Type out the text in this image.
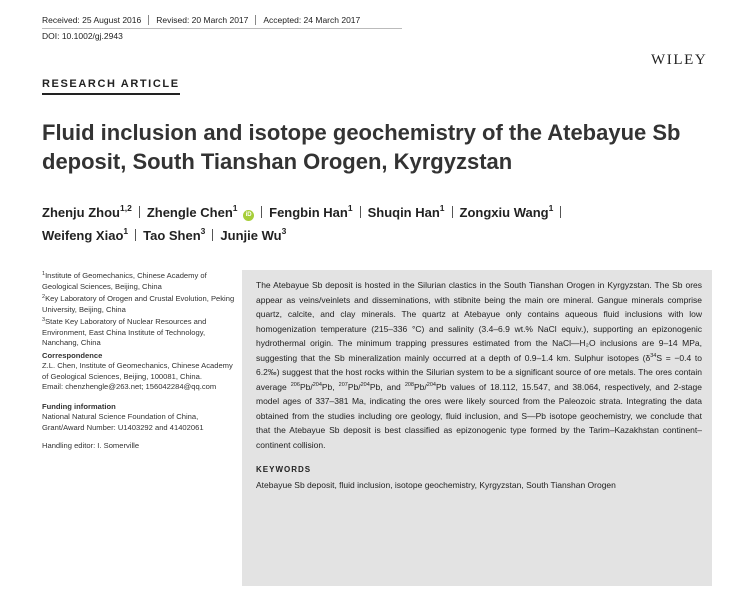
Received: 25 August 2016 Revised: 20 March 2017 Accepted: 24 March 2017
DOI: 10.1002/gj.2943
WILEY
RESEARCH ARTICLE
Fluid inclusion and isotope geochemistry of the Atebayue Sb deposit, South Tianshan Orogen, Kyrgyzstan
Zhenju Zhou$^{1,2}$ Zhengle Chen$^1$ iD Fengbin Han$^1$ Shuqin Han$^1$ Zongxiu Wang$^1$
Weifeng Xiao$^1$ Tao Shen$^3$ Junjie Wu$^3$
$^1$Institute of Geomechanics, Chinese Academy of Geological Sciences, Beijing, China
$^2$Key Laboratory of Orogen and Crustal Evolution, Peking University, Beijing, China
$^3$State Key Laboratory of Nuclear Resources and Environment, East China Institute of Technology, Nanchang, China
Correspondence
Z.L. Chen, Institute of Geomechanics, Chinese Academy of Geological Sciences, Beijing, 100081, China.
Email: chenzhengle@263.net; 156042284@qq.com
Funding information
National Natural Science Foundation of China, Grant/Award Number: U1403292 and 41402061
Handling editor: I. Somerville

The Atebayue Sb deposit is hosted in the Silurian clastics in the South Tianshan Orogen in Kyrgyzstan. The Sb ores appear as veins/veinlets and disseminations, with stibnite being the main ore mineral. Gangue minerals comprise quartz, calcite, and clay minerals. The quartz at Atebayue only contains aqueous fluid inclusions with low homogenization temperature (215–336 °C) and salinity (3.4–6.9 wt.% NaCl equiv.), supporting an epizonogenic hydrothermal origin. The minimum trapping pressures estimated from the NaCl—H₂O inclusions are 9–14 MPa, suggesting that the Sb mineralization mainly occurred at a depth of 0.9–1.4 km. Sulphur isotopes ($\delta^{34}S = -0.4$ to 6.2‰) suggest that the host rocks within the Silurian system to be a significant source of ore metals. The ores contain average $^{206}$Pb/$^{204}$Pb, $^{207}$Pb/$^{204}$Pb, and $^{208}$Pb/$^{204}$Pb values of 18.112, 15.547, and 38.064, respectively, and 2-stage model ages of 337–381 Ma, indicating the ores were likely sourced from the Paleozoic strata. Integrating the data obtained from the studies including ore geology, fluid inclusion, and S—Pb isotope geochemistry, we conclude that that the Atebayue Sb deposit is best classified as epizonogenic type formed by the Tarim–Kazakhstan continent–continent collision.

KEYWORDS
Atebayue Sb deposit, fluid inclusion, isotope geochemistry, Kyrgyzstan, South Tianshan Orogen
